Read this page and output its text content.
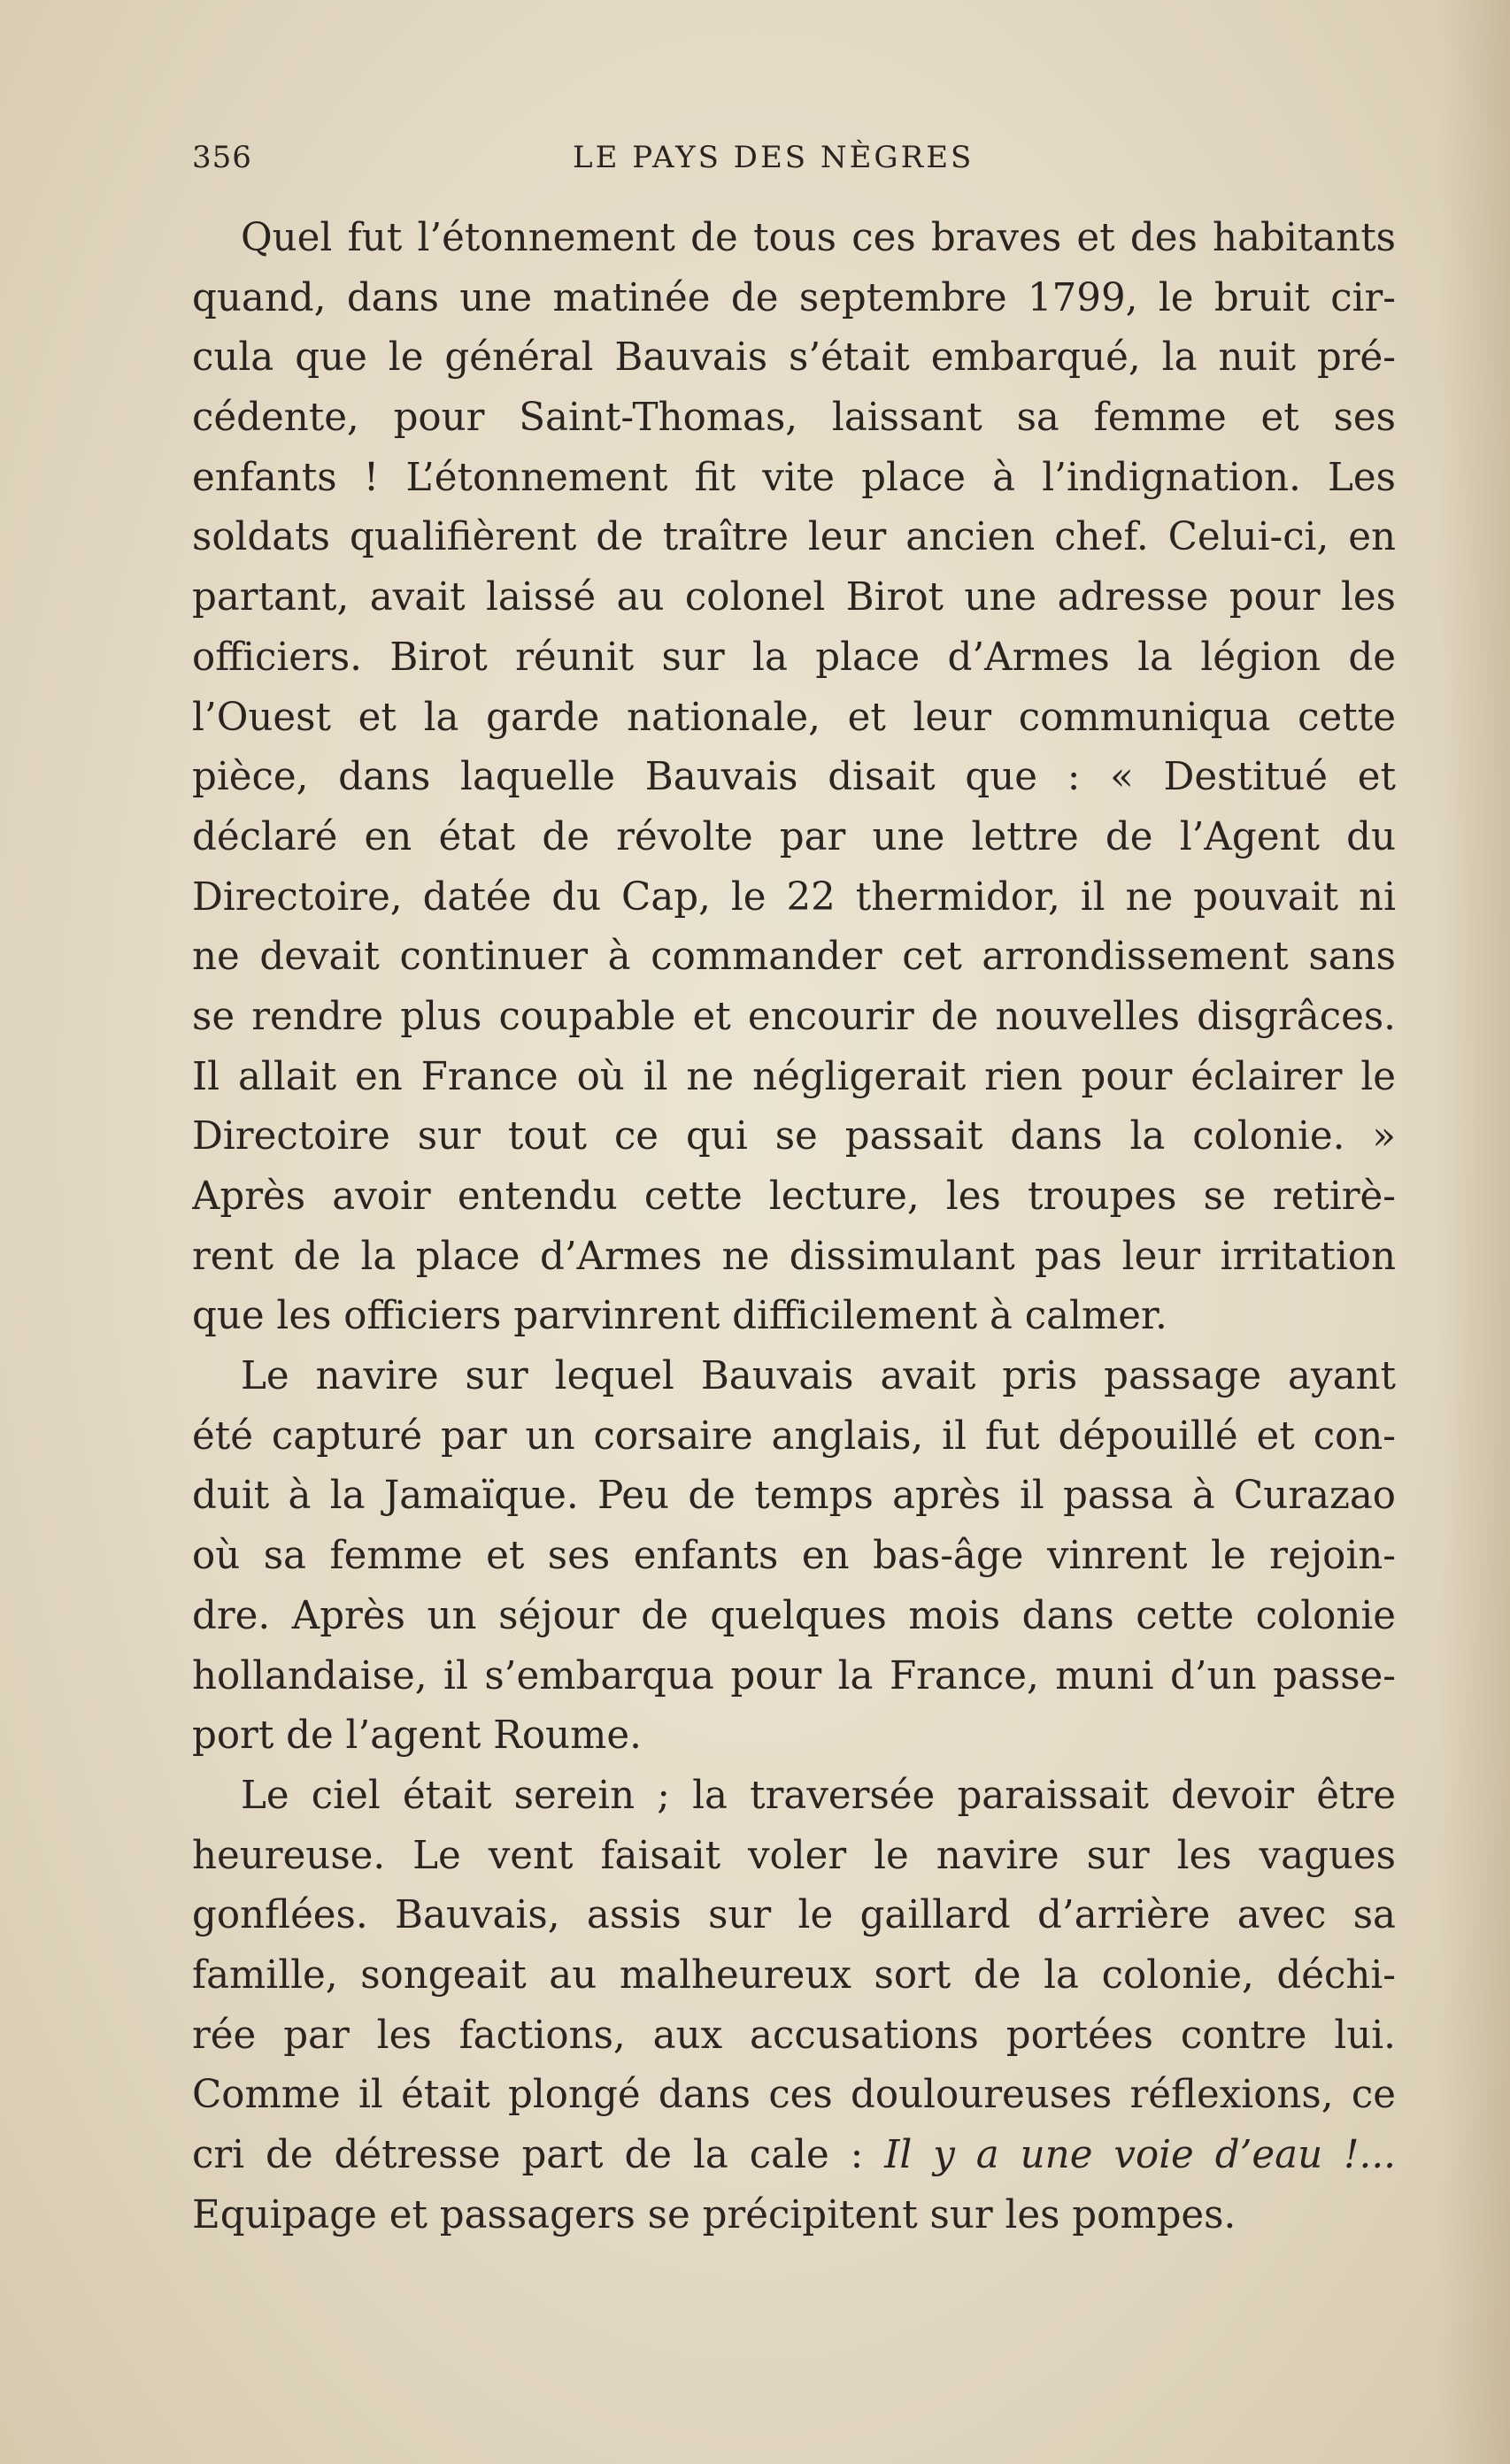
356	LE PAYS DES NÈGRES
Quel fut l’étonnement de tous ces braves et des habitants
quand, dans une matinée de septembre 1799, le bruit cir-
cula que le général Bauvais s’était embarqué, la nuit pré-
cédente, pour Saint-Thomas, laissant sa femme et ses
enfants ! L’étonnement fit vite place à l’indignation. Les
soldats qualifièrent de traître leur ancien chef. Celui-ci, en
partant, avait laissé au colonel Birot une adresse pour les
officiers. Birot réunit sur la place d’Armes la légion de
l’Ouest et la garde nationale, et leur communiqua cette
pièce, dans laquelle Bauvais disait que : « Destitué et
déclaré en état de révolte par une lettre de l’Agent du
Directoire, datée du Cap, le 22 thermidor, il ne pouvait ni
ne devait continuer à commander cet arrondissement sans
se rendre plus coupable et encourir de nouvelles disgrâces.
Il allait en France où il ne négligerait rien pour éclairer le
Directoire sur tout ce qui se passait dans la colonie. »
Après avoir entendu cette lecture, les troupes se retirè-
rent de la place d’Armes ne dissimulant pas leur irritation
que les officiers parvinrent difficilement à calmer.
Le navire sur lequel Bauvais avait pris passage ayant
été capturé par un corsaire anglais, il fut dépouillé et con-
duit à la Jamaïque. Peu de temps après il passa à Curazao
où sa femme et ses enfants en bas-âge vinrent le rejoin-
dre. Après un séjour de quelques mois dans cette colonie
hollandaise, il s’embarqua pour la France, muni d’un passe-
port de l’agent Roume.
Le ciel était serein ; la traversée paraissait devoir être
heureuse. Le vent faisait voler le navire sur les vagues
gonflées. Bauvais, assis sur le gaillard d’arrière avec sa
famille, songeait au malheureux sort de la colonie, déchi-
rée par les factions, aux accusations portées contre lui.
Comme il était plongé dans ces douloureuses réflexions, ce
cri de détresse part de la cale : Il y a une voie d’eau !...
Equipage et passagers se précipitent sur les pompes.
